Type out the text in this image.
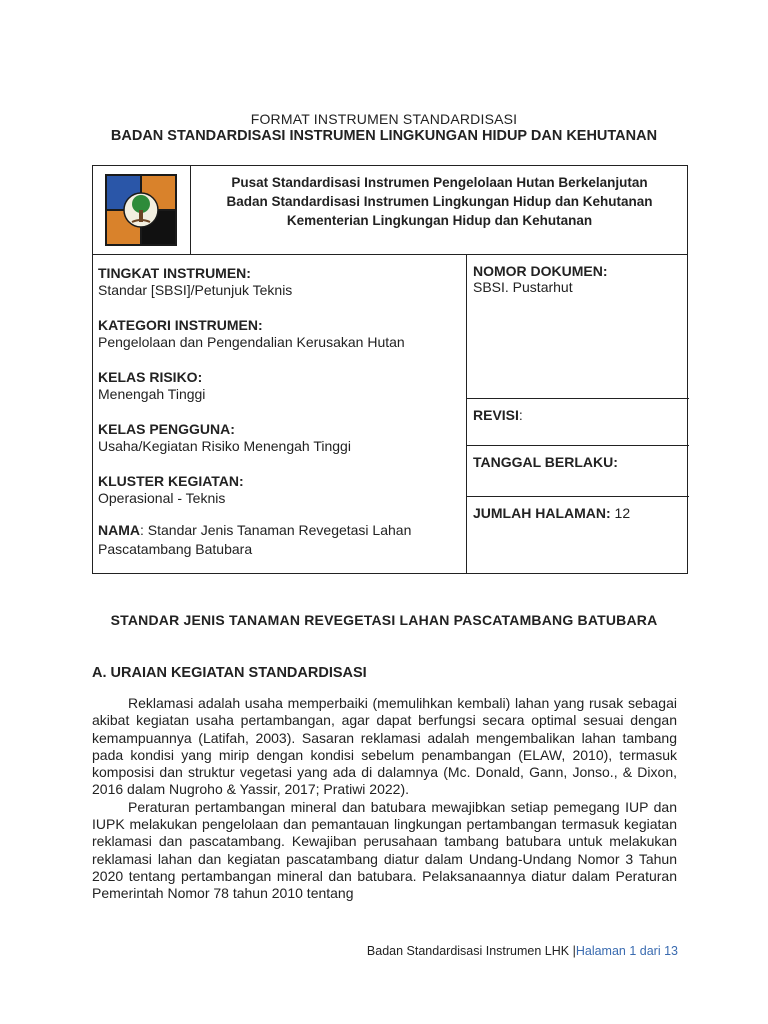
FORMAT INSTRUMEN STANDARDISASI
BADAN STANDARDISASI INSTRUMEN LINGKUNGAN HIDUP DAN KEHUTANAN
Pusat Standardisasi Instrumen Pengelolaan Hutan Berkelanjutan
Badan Standardisasi Instrumen Lingkungan Hidup dan Kehutanan
Kementerian Lingkungan Hidup dan Kehutanan
TINGKAT INSTRUMEN:
Standar [SBSI]/Petunjuk Teknis
KATEGORI INSTRUMEN:
Pengelolaan dan Pengendalian Kerusakan Hutan
KELAS RISIKO:
Menengah Tinggi
KELAS PENGGUNA:
Usaha/Kegiatan Risiko Menengah Tinggi
KLUSTER KEGIATAN:
Operasional - Teknis
NAMA: Standar Jenis Tanaman Revegetasi Lahan Pascatambang Batubara
NOMOR DOKUMEN:
SBSI. Pustarhut
REVISI:
TANGGAL BERLAKU:
JUMLAH HALAMAN: 12
STANDAR JENIS TANAMAN REVEGETASI LAHAN PASCATAMBANG BATUBARA
A. URAIAN KEGIATAN STANDARDISASI

Reklamasi adalah usaha memperbaiki (memulihkan kembali) lahan yang rusak sebagai akibat kegiatan usaha pertambangan, agar dapat berfungsi secara optimal sesuai dengan kemampuannya (Latifah, 2003). Sasaran reklamasi adalah mengembalikan lahan tambang pada kondisi yang mirip dengan kondisi sebelum penambangan (ELAW, 2010), termasuk komposisi dan struktur vegetasi yang ada di dalamnya (Mc. Donald, Gann, Jonso., & Dixon, 2016 dalam Nugroho & Yassir, 2017; Pratiwi 2022).

Peraturan pertambangan mineral dan batubara mewajibkan setiap pemegang IUP dan IUPK melakukan pengelolaan dan pemantauan lingkungan pertambangan termasuk kegiatan reklamasi dan pascatambang. Kewajiban perusahaan tambang batubara untuk melakukan reklamasi lahan dan kegiatan pascatambang diatur dalam Undang-Undang Nomor 3 Tahun 2020 tentang pertambangan mineral dan batubara. Pelaksanaannya diatur dalam Peraturan Pemerintah Nomor 78 tahun 2010 tentang

Badan Standardisasi Instrumen LHK |Halaman 1 dari 13
